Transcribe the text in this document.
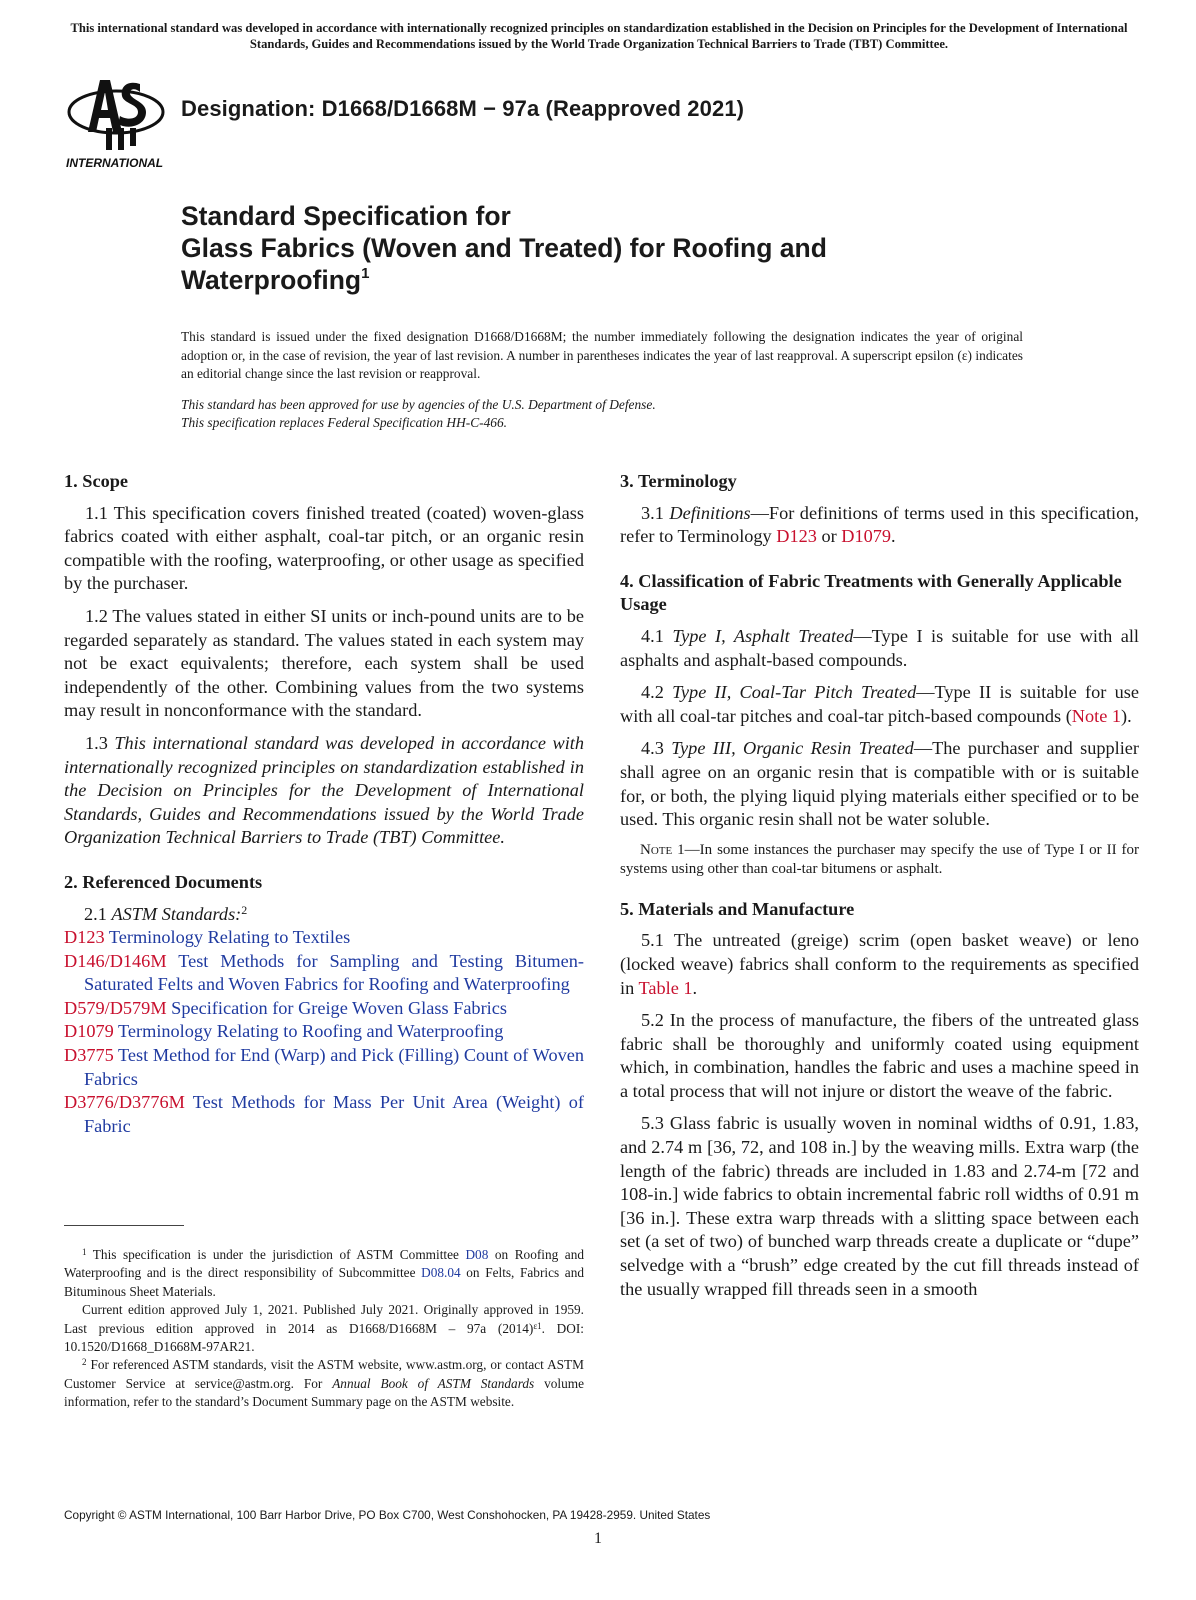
This international standard was developed in accordance with internationally recognized principles on standardization established in the Decision on Principles for the Development of International Standards, Guides and Recommendations issued by the World Trade Organization Technical Barriers to Trade (TBT) Committee.
INTERNATIONAL
Designation: D1668/D1668M − 97a (Reapproved 2021)
Standard Specification for
Glass Fabrics (Woven and Treated) for Roofing and
Waterproofing$^1$
This standard is issued under the fixed designation D1668/D1668M; the number immediately following the designation indicates the year of original adoption or, in the case of revision, the year of last revision. A number in parentheses indicates the year of last reapproval. A superscript epsilon (ε) indicates an editorial change since the last revision or reapproval.
This standard has been approved for use by agencies of the U.S. Department of Defense.
This specification replaces Federal Specification HH-C-466.
1. Scope

1.1 This specification covers finished treated (coated) woven-glass fabrics coated with either asphalt, coal-tar pitch, or an organic resin compatible with the roofing, waterproofing, or other usage as specified by the purchaser.

1.2 The values stated in either SI units or inch-pound units are to be regarded separately as standard. The values stated in each system may not be exact equivalents; therefore, each system shall be used independently of the other. Combining values from the two systems may result in nonconformance with the standard.

1.3 This international standard was developed in accordance with internationally recognized principles on standardization established in the Decision on Principles for the Development of International Standards, Guides and Recommendations issued by the World Trade Organization Technical Barriers to Trade (TBT) Committee.

2. Referenced Documents

2.1 ASTM Standards:$^2$

D123 Terminology Relating to Textiles
D146/D146M Test Methods for Sampling and Testing Bitumen-Saturated Felts and Woven Fabrics for Roofing and Waterproofing
D579/D579M Specification for Greige Woven Glass Fabrics
D1079 Terminology Relating to Roofing and Waterproofing
D3775 Test Method for End (Warp) and Pick (Filling) Count of Woven Fabrics
D3776/D3776M Test Methods for Mass Per Unit Area (Weight) of Fabric
3. Terminology

3.1 Definitions—For definitions of terms used in this specification, refer to Terminology D123 or D1079.

4. Classification of Fabric Treatments with Generally Applicable Usage

4.1 Type I, Asphalt Treated—Type I is suitable for use with all asphalts and asphalt-based compounds.

4.2 Type II, Coal-Tar Pitch Treated—Type II is suitable for use with all coal-tar pitches and coal-tar pitch-based compounds (Note 1).

4.3 Type III, Organic Resin Treated—The purchaser and supplier shall agree on an organic resin that is compatible with or is suitable for, or both, the plying liquid plying materials either specified or to be used. This organic resin shall not be water soluble.

Note 1—In some instances the purchaser may specify the use of Type I or II for systems using other than coal-tar bitumens or asphalt.
5. Materials and Manufacture

5.1 The untreated (greige) scrim (open basket weave) or leno (locked weave) fabrics shall conform to the requirements as specified in Table 1.

5.2 In the process of manufacture, the fibers of the untreated glass fabric shall be thoroughly and uniformly coated using equipment which, in combination, handles the fabric and uses a machine speed in a total process that will not injure or distort the weave of the fabric.

5.3 Glass fabric is usually woven in nominal widths of 0.91, 1.83, and 2.74 m [36, 72, and 108 in.] by the weaving mills. Extra warp (the length of the fabric) threads are included in 1.83 and 2.74-m [72 and 108-in.] wide fabrics to obtain incremental fabric roll widths of 0.91 m [36 in.]. These extra warp threads with a slitting space between each set (a set of two) of bunched warp threads create a duplicate or “dupe” selvedge with a “brush” edge created by the cut fill threads instead of the usually wrapped fill threads seen in a smooth

$^1$ This specification is under the jurisdiction of ASTM Committee D08 on Roofing and Waterproofing and is the direct responsibility of Subcommittee D08.04 on Felts, Fabrics and Bituminous Sheet Materials.

Current edition approved July 1, 2021. Published July 2021. Originally approved in 1959. Last previous edition approved in 2014 as D1668/D1668M – 97a $(2014)^{\varepsilon 1}$. DOI: 10.1520/D1668_D1668M-97AR21.

$^2$ For referenced ASTM standards, visit the ASTM website, www.astm.org, or contact ASTM Customer Service at service@astm.org. For Annual Book of ASTM Standards volume information, refer to the standard’s Document Summary page on the ASTM website.

Copyright © ASTM International, 100 Barr Harbor Drive, PO Box C700, West Conshohocken, PA 19428-2959. United States
1
